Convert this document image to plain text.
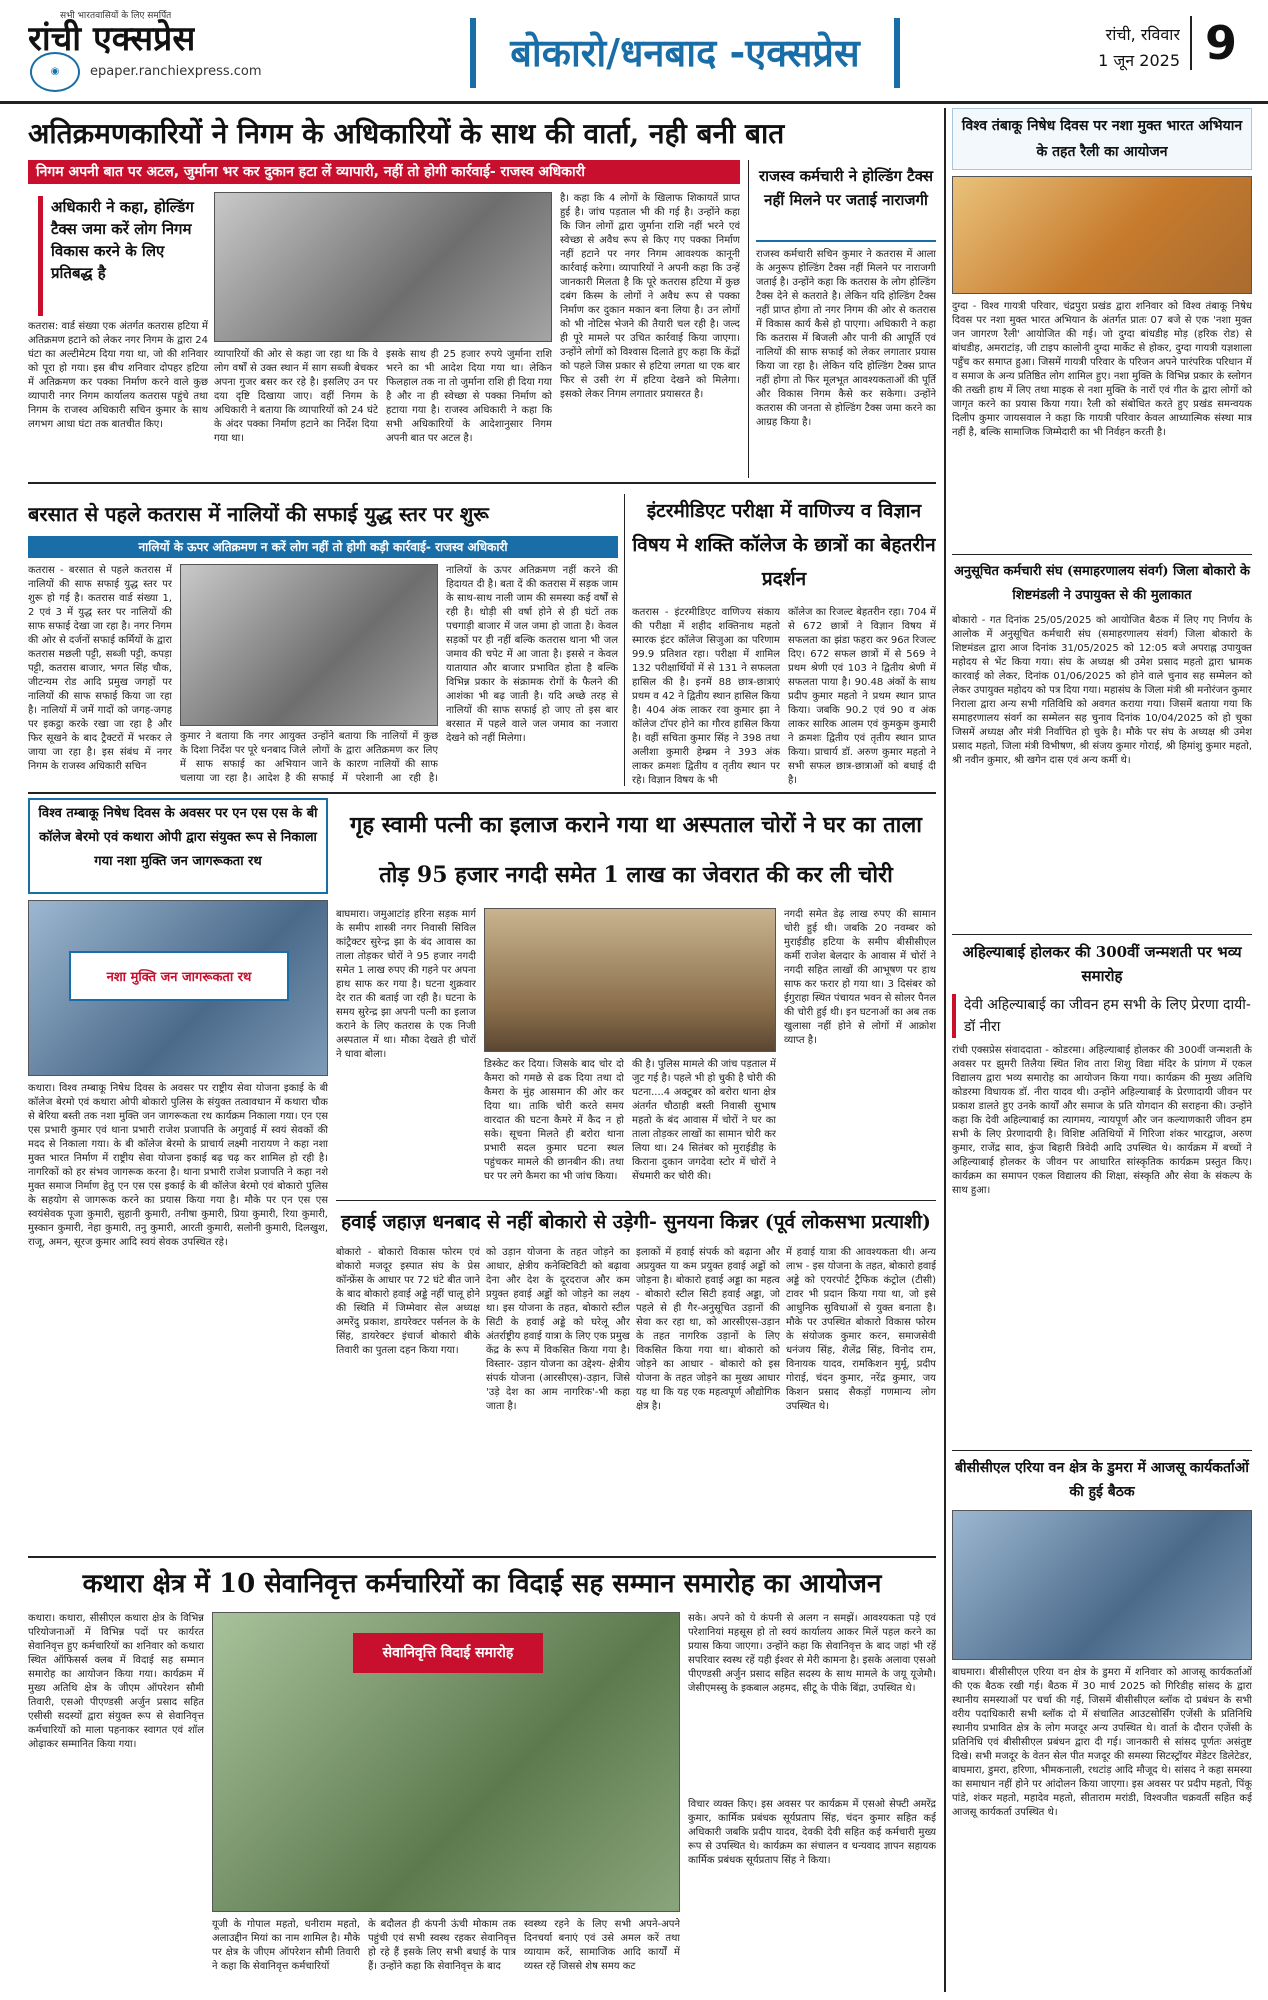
सभी भारतवासियों के लिए समर्पित
रांची एक्सप्रेस
◉	epaper.ranchiexpress.com	बोकारो/धनबाद -एक्सप्रेस	रांची, रविवार
1 जून 2025 9
अतिक्रमणकारियों ने निगम के अधिकारियों के साथ की वार्ता, नही बनी बात
निगम अपनी बात पर अटल, जुर्माना भर कर दुकान हटा लें व्यापारी, नहीं तो होगी कार्रवाई- राजस्व अधिकारी
अधिकारी ने कहा, होल्डिंग टैक्स जमा करें लोग निगम विकास करने के लिए प्रतिबद्ध है
कतरास: वार्ड संख्या एक अंतर्गत कतरास हटिया में अतिक्रमण हटाने को लेकर नगर निगम के द्वारा 24 घंटा का अल्टीमेटम दिया गया था, जो की शनिवार को पूरा हो गया। इस बीच शनिवार दोपहर हटिया में अतिक्रमण कर पक्का निर्माण करने वाले कुछ व्यापारी नगर निगम कार्यालय कतरास पहुंचे तथा निगम के राजस्व अधिकारी सचिन कुमार के साथ लगभग आधा घंटा तक बातचीत किए।
व्यापारियों की ओर से कहा जा रहा था कि वे लोग वर्षों से उक्त स्थान में साग सब्जी बेचकर अपना गुजर बसर कर रहे है। इसलिए उन पर दया दृष्टि दिखाया जाए। वहीं निगम के अधिकारी ने बताया कि व्यापारियों को 24 घंटे के अंदर पक्का निर्माण हटाने का निर्देश दिया गया था।
इसके साथ ही 25 हजार रुपये जुर्माना राशि भरने का भी आदेश दिया गया था। लेकिन फिलहाल तक ना तो जुर्माना राशि ही दिया गया है और ना ही स्वेच्छा से पक्का निर्माण को हटाया गया है। राजस्व अधिकारी ने कहा कि सभी अधिकारियों के आदेशानुसार निगम अपनी बात पर अटल है।
है। कहा कि 4 लोगों के खिलाफ शिकायतें प्राप्त हुई है। जांच पड़ताल भी की गई है। उन्होंने कहा कि जिन लोगों द्वारा जुर्माना राशि नहीं भरने एवं स्वेच्छा से अवैध रूप से किए गए पक्का निर्माण नहीं हटाने पर नगर निगम आवश्यक कानूनी कार्रवाई करेगा। व्यापारियों ने अपनी कहा कि उन्हें जानकारी मिलता है कि पूरे कतरास हटिया में कुछ दबंग किस्म के लोगों ने अवैध रूप से पक्का निर्माण कर दुकान मकान बना लिया है। उन लोगों को भी नोटिस भेजने की तैयारी चल रही है। जल्द ही पूरे मामले पर उचित कार्रवाई किया जाएगा। उन्होंने लोगों को विश्वास दिलाते हुए कहा कि केंद्रों को पहले जिस प्रकार से हटिया लगता था एक बार फिर से उसी रंग में हटिया देखने को मिलेगा। इसको लेकर निगम लगातार प्रयासरत है।
राजस्व कर्मचारी ने होल्डिंग टैक्स नहीं मिलने पर जताई नाराजगी
राजस्व कर्मचारी सचिन कुमार ने कतरास में आला के अनुरूप होल्डिंग टैक्स नहीं मिलने पर नाराजगी जताई है। उन्होंने कहा कि कतरास के लोग होल्डिंग टैक्स देने से कतराते है। लेकिन यदि होल्डिंग टैक्स नहीं प्राप्त होगा तो नगर निगम की ओर से कतरास में विकास कार्य कैसे हो पाएगा। अधिकारी ने कहा कि कतरास में बिजली और पानी की आपूर्ति एवं नालियों की साफ सफाई को लेकर लगातार प्रयास किया जा रहा है। लेकिन यदि होल्डिंग टैक्स प्राप्त नहीं होगा तो फिर मूलभूत आवश्यकताओं की पूर्ति और विकास निगम कैसे कर सकेगा। उन्होंने कतरास की जनता से होल्डिंग टैक्स जमा करने का आग्रह किया है।
बरसात से पहले कतरास में नालियों की सफाई युद्ध स्तर पर शुरू
नालियों के ऊपर अतिक्रमण न करें लोग नहीं तो होगी कड़ी कार्रवाई- राजस्व अधिकारी
कतरास - बरसात से पहले कतरास में नालियों की साफ सफाई युद्ध स्तर पर शुरू हो गई है। कतरास वार्ड संख्या 1, 2 एवं 3 में युद्ध स्तर पर नालियों की साफ सफाई देखा जा रहा है। नगर निगम की ओर से दर्जनों सफाई कर्मियों के द्वारा कतरास मछली पट्टी, सब्जी पट्टी, कपड़ा पट्टी, कतरास बाजार, भगत सिंह चौक, जीटन्यम रोड आदि प्रमुख जगहों पर नालियों की साफ सफाई किया जा रहा है। नालियों में जमें गादों को जगह-जगह पर इकट्ठा करके रखा जा रहा है और फिर सूखने के बाद ट्रैक्टरों में भरकर ले जाया जा रहा है। इस संबंध में नगर निगम के राजस्व अधिकारी सचिन
कुमार ने बताया कि नगर आयुक्त के दिशा निर्देश पर पूरे धनबाद जिले में साफ सफाई का अभियान चलाया जा रहा है। आदेश है की
उन्होंने बताया कि नालियों में कुछ लोगों के द्वारा अतिक्रमण कर लिए जाने के कारण नालियों की साफ सफाई में परेशानी आ रही है।
नालियों के ऊपर अतिक्रमण नहीं करने की हिदायत दी है। बता दें की कतरास में सड़क जाम के साथ-साथ नाली जाम की समस्या कई वर्षों से रही है। थोड़ी सी वर्षा होने से ही घंटों तक पचगाड़ी बाजार में जल जमा हो जाता है। केवल सड़कों पर ही नहीं बल्कि कतरास थाना भी जल जमाव की चपेट में आ जाता है। इससे न केवल यातायात और बाजार प्रभावित होता है बल्कि विभिन्न प्रकार के संक्रामक रोगों के फैलने की आशंका भी बढ़ जाती है। यदि अच्छे तरह से नालियों की साफ सफाई हो जाए तो इस बार बरसात में पहले वाले जल जमाव का नजारा देखने को नहीं मिलेगा।
इंटरमीडिएट परीक्षा में वाणिज्य व विज्ञान विषय मे शक्ति कॉलेज के छात्रों का बेहतरीन प्रदर्शन
कतरास - इंटरमीडिएट वाणिज्य संकाय की परीक्षा में शहीद शक्तिनाथ महतो स्मारक इंटर कॉलेज सिजुआ का परिणाम 99.9 प्रतिशत रहा। परीक्षा में शामिल 132 परीक्षार्थियों में से 131 ने सफलता हासिल की है। इनमें 88 छात्र-छात्राएं प्रथम व 42 ने द्वितीय स्थान हासिल किया है। 404 अंक लाकर रवा कुमार झा ने कॉलेज टॉपर होने का गौरव हासिल किया है। वहीं सचिता कुमार सिंह ने 398 तथा अलीशा कुमारी हेम्ब्रम ने 393 अंक लाकर क्रमशः द्वितीय व तृतीय स्थान पर रहे। विज्ञान विषय के भी
कॉलेज का रिजल्ट बेहतरीन रहा। 704 में से 672 छात्रों ने विज्ञान विषय में सफलता का झंडा फहरा कर 96त रिजल्ट दिए। 672 सफल छात्रों में से 569 ने प्रथम श्रेणी एवं 103 ने द्वितीय श्रेणी में सफलता पाया है। 90.48 अंकों के साथ प्रदीप कुमार महतो ने प्रथम स्थान प्राप्त किया। जबकि 90.2 एवं 90 व अंक लाकर सारिक आलम एवं कुमकुम कुमारी ने क्रमशः द्वितीय एवं तृतीय स्थान प्राप्त किया। प्राचार्य डॉ. अरुण कुमार महतो ने सभी सफल छात्र-छात्राओं को बधाई दी है।
विश्व तम्बाकू निषेध दिवस के अवसर पर एन एस एस के बी कॉलेज बेरमो एवं कथारा ओपी द्वारा संयुक्त रूप से निकाला गया नशा मुक्ति जन जागरूकता रथ
नशा मुक्ति जन जागरूकता रथ
कथारा। विश्व तम्बाकू निषेध दिवस के अवसर पर राष्ट्रीय सेवा योजना इकाई के बी कॉलेज बेरमो एवं कथारा ओपी बोकारो पुलिस के संयुक्त तत्वावधान में कथारा चौक से बेरिया बस्ती तक नशा मुक्ति जन जागरूकता रथ कार्यक्रम निकाला गया। एन एस एस प्रभारी कुमार एवं थाना प्रभारी राजेश प्रजापति के अगुवाई में स्वयं सेवकों की मदद से निकाला गया। के बी कॉलेज बेरमो के प्राचार्य लक्ष्मी नारायण ने कहा नशा मुक्त भारत निर्माण में राष्ट्रीय सेवा योजना इकाई बढ़ चढ़ कर शामिल हो रही है। नागरिकों को हर संभव जागरूक करना है। थाना प्रभारी राजेश प्रजापति ने कहा नशे मुक्त समाज निर्माण हेतु एन एस एस इकाई के बी कॉलेज बेरमो एवं बोकारो पुलिस के सहयोग से जागरूक करने का प्रयास किया गया है। मौके पर एन एस एस स्वयंसेवक पूजा कुमारी, सुहानी कुमारी, तनीषा कुमारी, प्रिया कुमारी, रिया कुमारी, मुस्कान कुमारी, नेहा कुमारी, तनु कुमारी, आरती कुमारी, सलोनी कुमारी, दिलखुश, राजू, अमन, सूरज कुमार आदि स्वयं सेवक उपस्थित रहे।
गृह स्वामी पत्नी का इलाज कराने गया था अस्पताल चोरों ने घर का ताला तोड़ 95 हजार नगदी समेत 1 लाख का जेवरात की कर ली चोरी
बाघमारा। जमुआटांड़ हरिना सड़क मार्ग के समीप शास्त्री नगर निवासी सिविल कांट्रैक्टर सुरेन्द्र झा के बंद आवास का ताला तोड़कर चोरों ने 95 हजार नगदी समेत 1 लाख रुपए की गहने पर अपना हाथ साफ कर गया है। घटना शुक्रवार देर रात की बताई जा रही है। घटना के समय सुरेन्द्र झा अपनी पत्नी का इलाज कराने के लिए कतरास के एक निजी अस्पताल में था। मौका देखते ही चोरों ने धावा बोला।
डिस्केट कर दिया। जिसके बाद चोर दो कैमरा को गमछे से ढक दिया तथा दो कैमरा के मुंह आसमान की ओर कर दिया था। ताकि चोरी करते समय वारदात की घटना कैमरे में कैद न हो सके। सूचना मिलते ही बरोरा थाना प्रभारी सदल कुमार घटना स्थल पहुंचकर मामले की छानबीन की। तथा घर पर लगे कैमरा का भी जांच किया।
की है। पुलिस मामले की जांच पड़ताल में जुट गई है। पहले भी हो चुकी है चोरी की घटना....4 अक्टूबर को बरोरा थाना क्षेत्र अंतर्गत चौठाही बस्ती निवासी सुभाष महतो के बंद आवास में चोरों ने घर का ताला तोड़कर लाखों का सामान चोरी कर लिया था। 24 सितंबर को मुराईडीह के किराना दुकान जगदेवा स्टोर में चोरों ने सेंधमारी कर चोरी की।
नगदी समेत डेढ़ लाख रुपए की सामान चोरी हुई थी। जबकि 20 नवम्बर को मुराईडीह हटिया के समीप बीसीसीएल कर्मी राजेश बेलदार के आवास में चोरों ने नगदी सहित लाखों की आभूषण पर हाथ साफ कर फरार हो गया था। 3 दिसंबर को ईगुराहा स्थित पंचायत भवन से सोलर पैनल की चोरी हुई थी। इन घटनाओं का अब तक खुलासा नहीं होने से लोगों में आक्रोश व्याप्त है।
हवाई जहाज़ धनबाद से नहीं बोकारो से उड़ेगी- सुनयना किन्नर (पूर्व लोकसभा प्रत्याशी)
बोकारो - बोकारो विकास फोरम एवं बोकारो मजदूर इस्पात संघ के प्रेस कॉन्फ्रेंस के आधार पर 72 घंटे बीत जाने के बाद बोकारो हवाई अड्डे नहीं चालू होने की स्थिति में जिम्मेवार सेल अध्यक्ष अमरेंदु प्रकाश, डायरेक्टर पर्सनल के के सिंह, डायरेक्टर इंचार्ज बोकारो बीके तिवारी का पुतला दहन किया गया।
को उड़ान योजना के तहत जोड़ने का आधार, क्षेत्रीय कनेक्टिविटी को बढ़ावा देना और देश के दूरदराज और कम प्रयुक्त हवाई अड्डों को जोड़ने का लक्ष्य था। इस योजना के तहत, बोकारो स्टील सिटी के हवाई अड्डे को घरेलू और अंतर्राष्ट्रीय हवाई यात्रा के लिए एक प्रमुख केंद्र के रूप में विकसित किया गया है। विस्तार- उड़ान योजना का उद्देश्य- क्षेत्रीय संपर्क योजना (आरसीएस)-उड़ान, जिसे 'उड़े देश का आम नागरिक'-भी कहा जाता है।
इलाकों में हवाई संपर्क को बढ़ाना और अप्रयुक्त या कम प्रयुक्त हवाई अड्डों को जोड़ना है। बोकारो हवाई अड्डा का महत्व - बोकारो स्टील सिटी हवाई अड्डा, जो पहले से ही गैर-अनुसूचित उड़ानों की सेवा कर रहा था, को आरसीएस-उड़ान के तहत नागरिक उड़ानों के लिए विकसित किया गया था। बोकारो को जोड़ने का आधार - बोकारो को इस योजना के तहत जोड़ने का मुख्य आधार यह था कि यह एक महत्वपूर्ण औद्योगिक क्षेत्र है।
में हवाई यात्रा की आवश्यकता थी। अन्य लाभ - इस योजना के तहत, बोकारो हवाई अड्डे को एयरपोर्ट ट्रैफिक कंट्रोल (टीसी) टावर भी प्रदान किया गया था, जो इसे आधुनिक सुविधाओं से युक्त बनाता है। मौके पर उपस्थित बोकारो विकास फोरम के संयोजक कुमार करन, समाजसेवी धनंजय सिंह, शैलेंद्र सिंह, विनोद राम, विनायक यादव, रामकिशन मुर्मू, प्रदीप गोराई, चंदन कुमार, नरेंद्र कुमार, जय किशन प्रसाद सैकड़ों गणमान्य लोग उपस्थित थे।
कथारा क्षेत्र में 10 सेवानिवृत्त कर्मचारियों का विदाई सह सम्मान समारोह का आयोजन
कथारा। कथारा, सीसीएल कथारा क्षेत्र के विभिन्न परियोजनाओं में विभिन्न पदों पर कार्यरत सेवानिवृत्त हुए कर्मचारियों का शनिवार को कथारा स्थित ऑफिसर्स क्लब में विदाई सह सम्मान समारोह का आयोजन किया गया। कार्यक्रम में मुख्य अतिथि क्षेत्र के जीएम ऑपरेशन सौमी तिवारी, एसओ पीएण्डसी अर्जुन प्रसाद सहित एसीसी सदस्यों द्वारा संयुक्त रूप से सेवानिवृत्त कर्मचारियों को माला पहनाकर स्वागत एवं शॉल ओढ़ाकर सम्मानित किया गया।
सेवानिवृत्ति विदाई समारोह
यूजी के गोपाल महतो, धनीराम महतो, अलाउद्दीन मियां का नाम शामिल है। मौके पर क्षेत्र के जीएम ऑपरेशन सौमी तिवारी ने कहा कि सेवानिवृत्त कर्मचारियों
के बदौलत ही कंपनी ऊंची मोकाम तक पहुंची एवं सभी स्वस्थ रहकर सेवानिवृत्त हो रहे हैं इसके लिए सभी बधाई के पात्र हैं। उन्होंने कहा कि सेवानिवृत्त के बाद
स्वस्थ्य रहने के लिए सभी अपने-अपने दिनचर्या बनाएं एवं उसे अमल करें तथा व्यायाम करें, सामाजिक आदि कार्यों में व्यस्त रहें जिससे शेष समय कट
सके। अपने को ये कंपनी से अलग न समझें। आवश्यकता पड़े एवं परेशानियां महसूस हो तो स्वयं कार्यालय आकर मिलें पहल करने का प्रयास किया जाएगा। उन्होंने कहा कि सेवानिवृत्त के बाद जहां भी रहें सपरिवार स्वस्थ रहें यही ईश्वर से मेरी कामना है। इसके अलावा एसओ पीएण्डसी अर्जुन प्रसाद सहित सदस्य के साथ मामले के जयू यूजेमौ। जेसीएमस्सु के इकबाल अहमद, सीटू के पीके बिंद्रा, उपस्थित थे।
विचार व्यक्त किए। इस अवसर पर कार्यक्रम में एसओ सेफ्टी अमरेंद्र कुमार, कार्मिक प्रबंधक सूर्यप्रताप सिंह, चंदन कुमार सहित कई अधिकारी जबकि प्रदीप यादव, देवकी देवी सहित कई कर्मचारी मुख्य रूप से उपस्थित थे। कार्यक्रम का संचालन व धन्यवाद ज्ञापन सहायक कार्मिक प्रबंधक सूर्यप्रताप सिंह ने किया।
विश्व तंबाकू निषेध दिवस पर नशा मुक्त भारत अभियान के तहत रैली का आयोजन
दुग्दा - विश्व गायत्री परिवार, चंद्रपुरा प्रखंड द्वारा शनिवार को विश्व तंबाकू निषेध दिवस पर नशा मुक्त भारत अभियान के अंतर्गत प्रातः 07 बजे से एक 'नशा मुक्त जन जागरण रैली' आयोजित की गई। जो दुग्दा बांधडीह मोड़ (हरिक रोड) से बांधडीह, अमराटांड़, जी टाइप कालोनी दुग्दा मार्केट से होकर, दुग्दा गायत्री यज्ञशाला पहुँच कर समाप्त हुआ। जिसमें गायत्री परिवार के परिजन अपने पारंपरिक परिधान में व समाज के अन्य प्रतिष्ठित लोग शामिल हुए। नशा मुक्ति के विभिन्न प्रकार के स्लोगन की तख्ती हाथ में लिए तथा माइक से नशा मुक्ति के नारों एवं गीत के द्वारा लोगों को जागृत करने का प्रयास किया गया। रैली को संबोधित करते हुए प्रखंड समन्वयक दिलीप कुमार जायसवाल ने कहा कि गायत्री परिवार केवल आध्यात्मिक संस्था मात्र नहीं है, बल्कि सामाजिक जिम्मेदारी का भी निर्वहन करती है।
अनुसूचित कर्मचारी संघ (समाहरणालय संवर्ग) जिला बोकारो के शिष्टमंडली ने उपायुक्त से की मुलाकात
बोकारो - गत दिनांक 25/05/2025 को आयोजित बैठक में लिए गए निर्णय के आलोक में अनुसूचित कर्मचारी संघ (समाहरणालय संवर्ग) जिला बोकारो के शिष्टमंडल द्वारा आज दिनांक 31/05/2025 को 12:05 बजे अपराह्न उपायुक्त महोदय से भेंट किया गया। संघ के अध्यक्ष श्री उमेश प्रसाद महतो द्वारा भ्रामक कारवाई को लेकर, दिनांक 01/06/2025 को होने वाले चुनाव सह सम्मेलन को लेकर उपायुक्त महोदय को पत्र दिया गया। महासंघ के जिला मंत्री श्री मनोरंजन कुमार निराला द्वारा अन्य सभी गतिविधि को अवगत कराया गया। जिसमें बताया गया कि समाहरणालय संवर्ग का सम्मेलन सह चुनाव दिनांक 10/04/2025 को हो चुका जिसमें अध्यक्ष और मंत्री निर्वाचित हो चुके है। मौके पर संघ के अध्यक्ष श्री उमेश प्रसाद महतो, जिला मंत्री विभीषण, श्री संजय कुमार गोराई, श्री हिमांशु कुमार महतो, श्री नवीन कुमार, श्री खगेन दास एवं अन्य कर्मी थे।
अहिल्याबाई होलकर की 300वीं जन्मशती पर भव्य समारोह
देवी अहिल्याबाई का जीवन हम सभी के लिए प्रेरणा दायी- डॉ नीरा
रांची एक्सप्रेस संवाददाता - कोडरमा। अहिल्याबाई होलकर की 300वीं जन्मशती के अवसर पर झुमरी तिलैया स्थित शिव तारा शिशु विद्या मंदिर के प्रांगण में एकल विद्यालय द्वारा भव्य समारोह का आयोजन किया गया। कार्यक्रम की मुख्य अतिथि कोडरमा विधायक डॉ. नीरा यादव थी। उन्होंने अहिल्याबाई के प्रेरणादायी जीवन पर प्रकाश डालते हुए उनके कार्यों और समाज के प्रति योगदान की सराहना की। उन्होंने कहा कि देवी अहिल्याबाई का त्यागमय, न्यायपूर्ण और जन कल्याणकारी जीवन हम सभी के लिए प्रेरणादायी है। विशिष्ट अतिथियों में गिरिजा शंकर भारद्वाज, अरुण कुमार, राजेंद्र साव, कुंज बिहारी त्रिवेदी आदि उपस्थित थे। कार्यक्रम में बच्चों ने अहिल्याबाई होलकर के जीवन पर आधारित सांस्कृतिक कार्यक्रम प्रस्तुत किए। कार्यक्रम का समापन एकल विद्यालय की शिक्षा, संस्कृति और सेवा के संकल्प के साथ हुआ।
बीसीसीएल एरिया वन क्षेत्र के डुमरा में आजसू कार्यकर्ताओं की हुई बैठक
बाघमारा। बीसीसीएल एरिया वन क्षेत्र के डुमरा में शनिवार को आजसू कार्यकर्ताओं की एक बैठक रखी गई। बैठक में 30 मार्च 2025 को गिरिडीह सांसद के द्वारा स्थानीय समस्याओं पर चर्चा की गई, जिसमें बीसीसीएल ब्लॉक दो प्रबंधन के सभी वरीय पदाधिकारी सभी ब्लॉक दो में संचालित आउटसोर्सिंग एजेंसी के प्रतिनिधि स्थानीय प्रभावित क्षेत्र के लोग मजदूर अन्य उपस्थित थे। वार्ता के दौरान एजेंसी के प्रतिनिधि एवं बीसीसीएल प्रबंधन द्वारा दी गई। जानकारी से सांसद पूर्णतः असंतुष्ट दिखे। सभी मजदूर के वेतन सेल पीत मजदूर की समस्या सिटस्ट्रॉयर मेंडेटर डिलेटेडर, बाघमारा, डुमरा, हरिणा, भीमकनाली, रथटांड़ आदि मौजूद थे। सांसद ने कहा समस्या का समाधान नहीं होने पर आंदोलन किया जाएगा। इस अवसर पर प्रदीप महतो, पिंकू पांडे, शंकर महतो, महादेव महतो, सीताराम मरांडी, विश्वजीत चक्रवर्ती सहित कई आजसू कार्यकर्ता उपस्थित थे।
